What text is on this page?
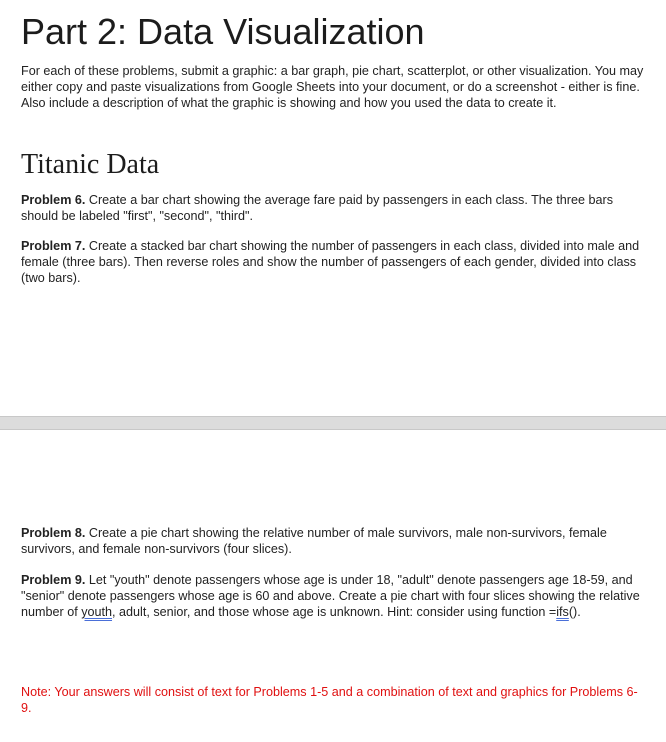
Part 2: Data Visualization

For each of these problems, submit a graphic: a bar graph, pie chart, scatterplot, or other visualization. You may either copy and paste visualizations from Google Sheets into your document, or do a screenshot - either is fine. Also include a description of what the graphic is showing and how you used the data to create it.

Titanic Data

Problem 6. Create a bar chart showing the average fare paid by passengers in each class. The three bars should be labeled "first", "second", "third".

Problem 7. Create a stacked bar chart showing the number of passengers in each class, divided into male and female (three bars). Then reverse roles and show the number of passengers of each gender, divided into class (two bars).

Problem 8. Create a pie chart showing the relative number of male survivors, male non-survivors, female survivors, and female non-survivors (four slices).

Problem 9. Let "youth" denote passengers whose age is under 18, "adult" denote passengers age 18-59, and "senior" denote passengers whose age is 60 and above. Create a pie chart with four slices showing the relative number of youth, adult, senior, and those whose age is unknown. Hint: consider using function =ifs().

Note: Your answers will consist of text for Problems 1-5 and a combination of text and graphics for Problems 6-9.
